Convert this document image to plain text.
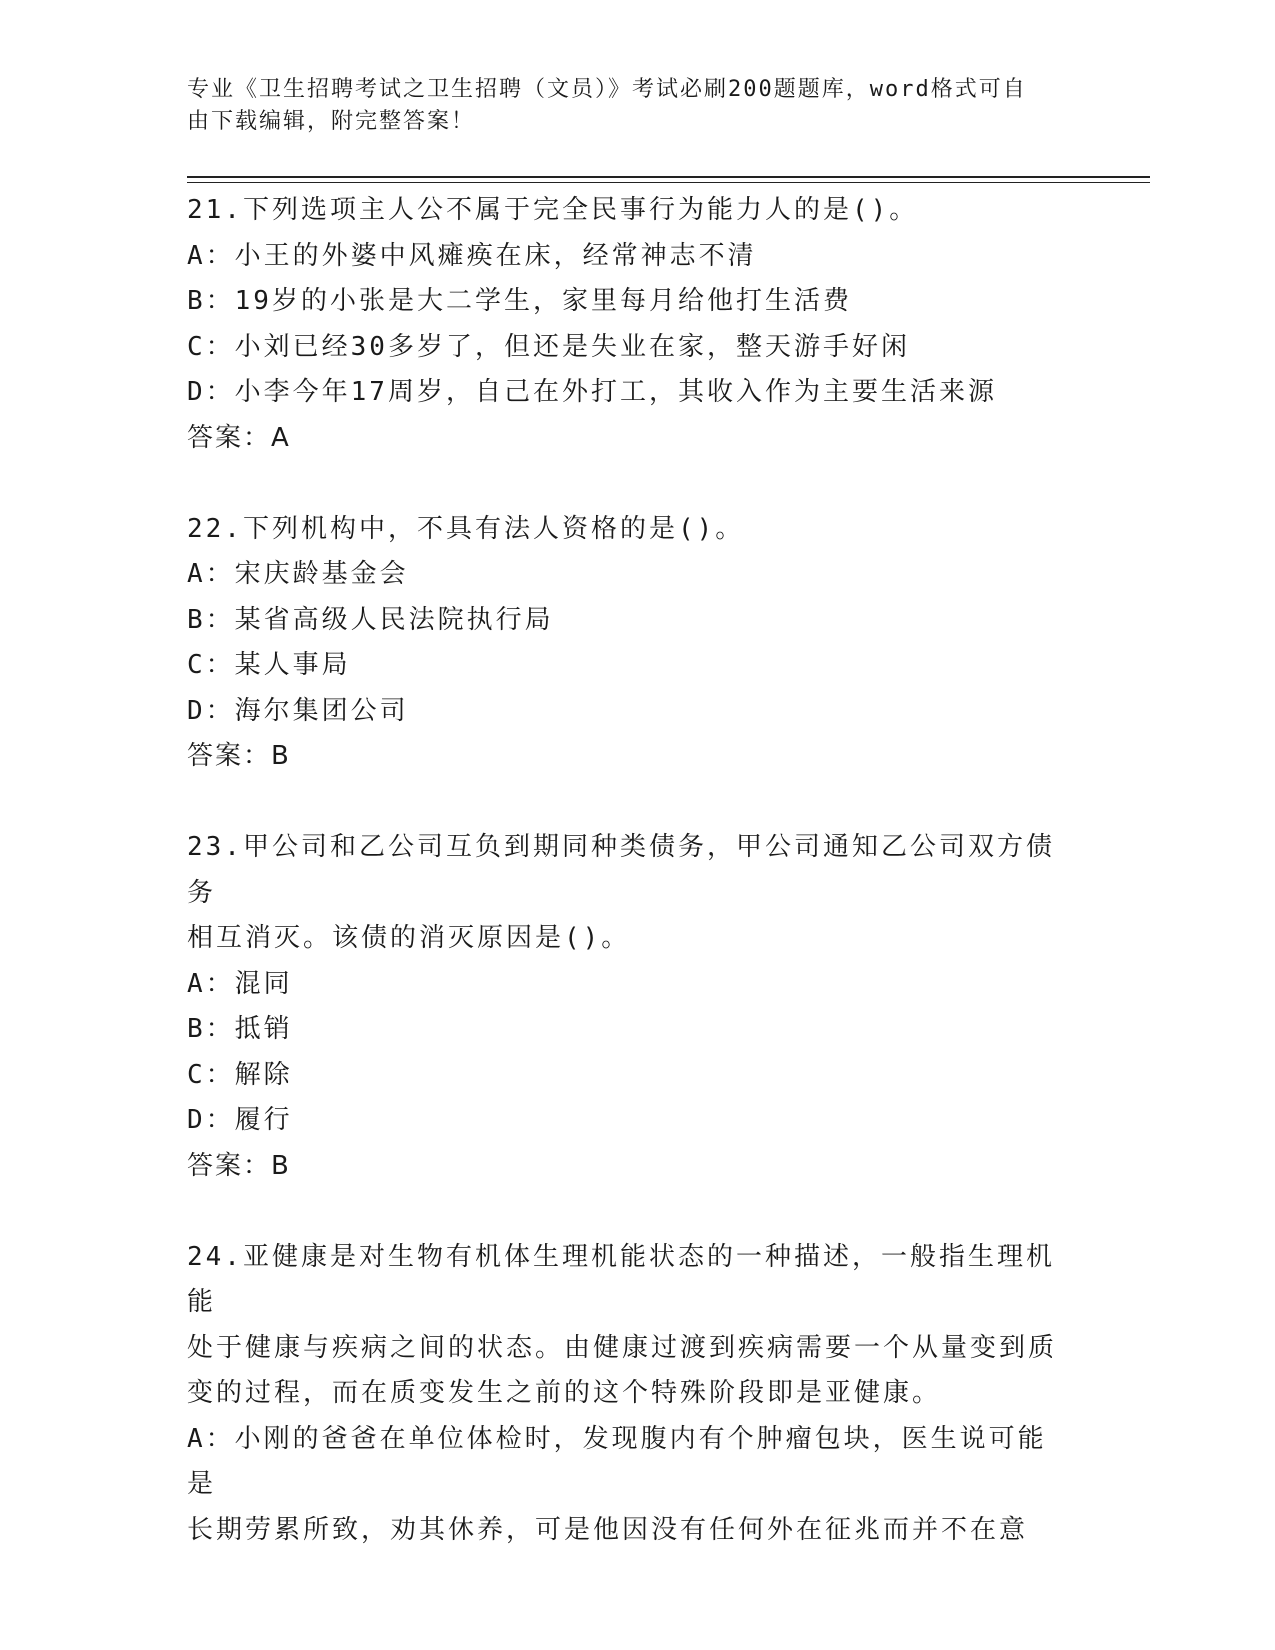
专业《卫生招聘考试之卫生招聘（文员）》考试必刷200题题库，word格式可自
由下载编辑，附完整答案！
21.下列选项主人公不属于完全民事行为能力人的是()。
A：小王的外婆中风瘫痪在床，经常神志不清
B：19岁的小张是大二学生，家里每月给他打生活费
C：小刘已经30多岁了，但还是失业在家，整天游手好闲
D：小李今年17周岁，自己在外打工，其收入作为主要生活来源
答案：A
22.下列机构中，不具有法人资格的是()。
A：宋庆龄基金会
B：某省高级人民法院执行局
C：某人事局
D：海尔集团公司
答案：B
23.甲公司和乙公司互负到期同种类债务，甲公司通知乙公司双方债务
相互消灭。该债的消灭原因是()。
A：混同
B：抵销
C：解除
D：履行
答案：B
24.亚健康是对生物有机体生理机能状态的一种描述，一般指生理机能
处于健康与疾病之间的状态。由健康过渡到疾病需要一个从量变到质
变的过程，而在质变发生之前的这个特殊阶段即是亚健康。
A：小刚的爸爸在单位体检时，发现腹内有个肿瘤包块，医生说可能是
长期劳累所致，劝其休养，可是他因没有任何外在征兆而并不在意
